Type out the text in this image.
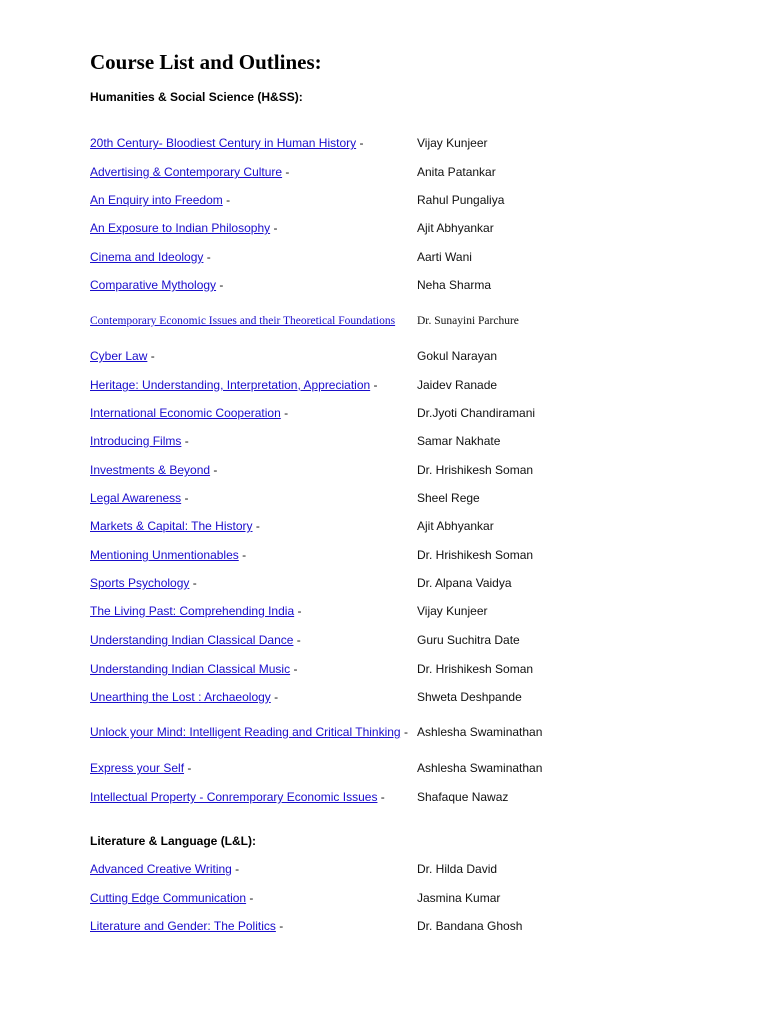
Course List and Outlines:
Humanities & Social Science (H&SS):
20th Century- Bloodiest Century in Human History -	Vijay Kunjeer
Advertising & Contemporary Culture -	Anita Patankar
An Enquiry into Freedom -	Rahul Pungaliya
An Exposure to Indian Philosophy -	Ajit Abhyankar
Cinema and Ideology -	Aarti Wani
Comparative Mythology -	Neha Sharma
Contemporary Economic Issues and their Theoretical Foundations	Dr. Sunayini Parchure
Cyber Law -	Gokul Narayan
Heritage: Understanding, Interpretation, Appreciation -	Jaidev Ranade
International Economic Cooperation -	Dr.Jyoti Chandiramani
Introducing Films -	Samar Nakhate
Investments & Beyond -	Dr. Hrishikesh Soman
Legal Awareness -	Sheel Rege
Markets & Capital: The History -	Ajit Abhyankar
Mentioning Unmentionables -	Dr. Hrishikesh Soman
Sports Psychology -	Dr. Alpana Vaidya
The Living Past: Comprehending India -	Vijay Kunjeer
Understanding Indian Classical Dance -	Guru Suchitra Date
Understanding Indian Classical Music -	Dr. Hrishikesh Soman
Unearthing the Lost : Archaeology -	Shweta Deshpande
Unlock your Mind: Intelligent Reading and Critical Thinking - Ashlesha Swaminathan
Express your Self -	Ashlesha Swaminathan
Intellectual Property - Conremporary Economic Issues -	Shafaque Nawaz
Literature & Language (L&L):
Advanced Creative Writing -	Dr. Hilda David
Cutting Edge Communication -	Jasmina Kumar
Literature and Gender: The Politics -	Dr. Bandana Ghosh
